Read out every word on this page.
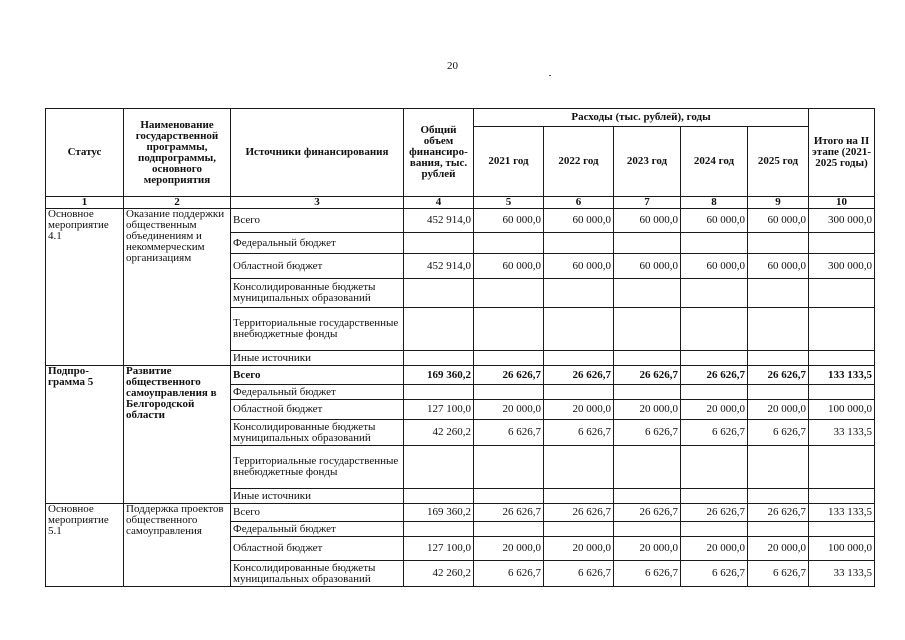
20
Статус	Наименование государственной программы, подпрограммы, основного мероприятия	Источники финансирования	Общий объем финансиро-вания, тыс. рублей	Расходы (тыс. рублей), годы					Итого на II этапе (2021-2025 годы)
				2021 год	2022 год	2023 год	2024 год	2025 год	
1	2	3	4	5	6	7	8	9	10
Основное мероприятие 4.1	Оказание поддержки общественным объединениям и некоммерческим организациям	Всего	452 914,0	60 000,0	60 000,0	60 000,0	60 000,0	60 000,0	300 000,0
		Федеральный бюджет							
		Областной бюджет	452 914,0	60 000,0	60 000,0	60 000,0	60 000,0	60 000,0	300 000,0
		Консолидированные бюджеты муниципальных образований							
		Территориальные государственные внебюджетные фонды							
		Иные источники							
Подпро-грамма 5	Развитие общественного самоуправления в Белгородской области	Всего	169 360,2	26 626,7	26 626,7	26 626,7	26 626,7	26 626,7	133 133,5
		Федеральный бюджет							
		Областной бюджет	127 100,0	20 000,0	20 000,0	20 000,0	20 000,0	20 000,0	100 000,0
		Консолидированные бюджеты муниципальных образований	42 260,2	6 626,7	6 626,7	6 626,7	6 626,7	6 626,7	33 133,5
		Территориальные государственные внебюджетные фонды							
		Иные источники							
Основное мероприятие 5.1	Поддержка проектов общественного самоуправления	Всего	169 360,2	26 626,7	26 626,7	26 626,7	26 626,7	26 626,7	133 133,5
		Федеральный бюджет							
		Областной бюджет	127 100,0	20 000,0	20 000,0	20 000,0	20 000,0	20 000,0	100 000,0
		Консолидированные бюджеты муниципальных образований	42 260,2	6 626,7	6 626,7	6 626,7	6 626,7	6 626,7	33 133,5
